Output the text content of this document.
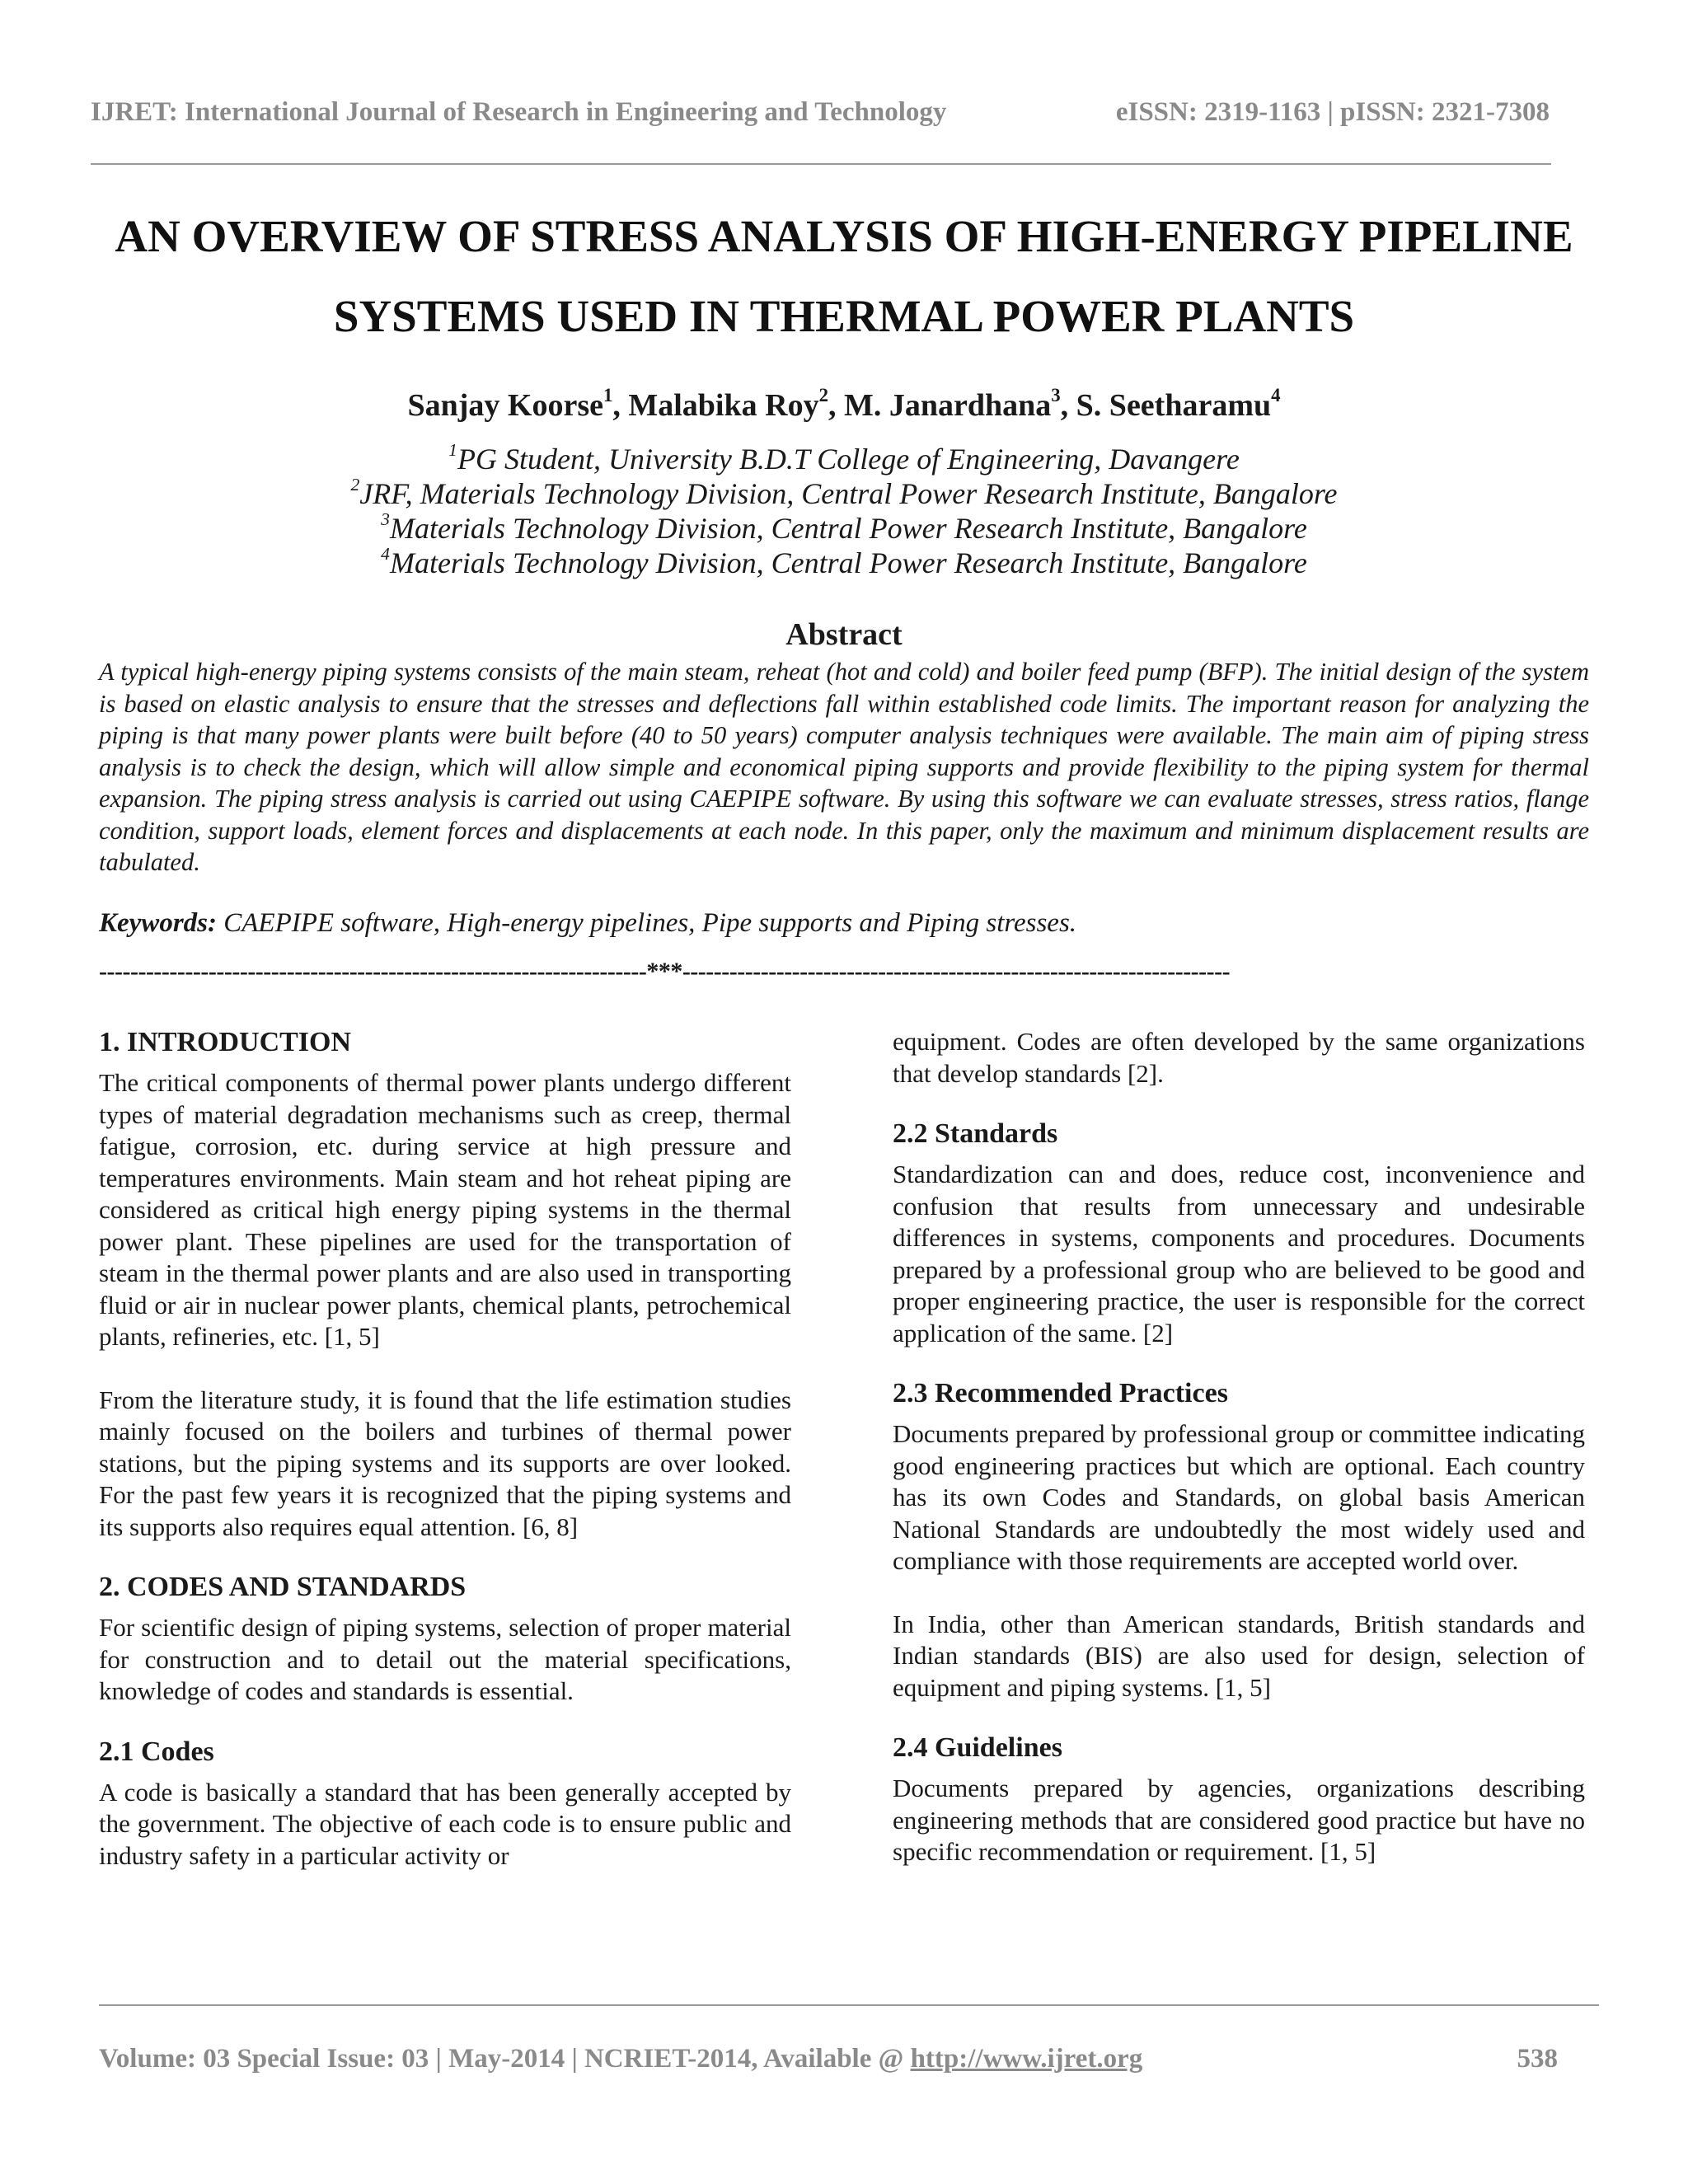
IJRET: International Journal of Research in Engineering and Technology	eISSN: 2319-1163 | pISSN: 2321-7308
AN OVERVIEW OF STRESS ANALYSIS OF HIGH-ENERGY PIPELINE
SYSTEMS USED IN THERMAL POWER PLANTS
Sanjay Koorse$^1$, Malabika Roy$^2$, M. Janardhana$^3$, S. Seetharamu$^4$
$^1$PG Student, University B.D.T College of Engineering, Davangere
$^2$JRF, Materials Technology Division, Central Power Research Institute, Bangalore
$^3$Materials Technology Division, Central Power Research Institute, Bangalore
$^4$Materials Technology Division, Central Power Research Institute, Bangalore
Abstract
A typical high-energy piping systems consists of the main steam, reheat (hot and cold) and boiler feed pump (BFP). The initial design of the system is based on elastic analysis to ensure that the stresses and deflections fall within established code limits. The important reason for analyzing the piping is that many power plants were built before (40 to 50 years) computer analysis techniques were available. The main aim of piping stress analysis is to check the design, which will allow simple and economical piping supports and provide flexibility to the piping system for thermal expansion. The piping stress analysis is carried out using CAEPIPE software. By using this software we can evaluate stresses, stress ratios, flange condition, support loads, element forces and displacements at each node. In this paper, only the maximum and minimum displacement results are tabulated.
Keywords: CAEPIPE software, High-energy pipelines, Pipe supports and Piping stresses.
----------------------------------------------------------------------***----------------------------------------------------------------------
1. INTRODUCTION

The critical components of thermal power plants undergo different types of material degradation mechanisms such as creep, thermal fatigue, corrosion, etc. during service at high pressure and temperatures environments. Main steam and hot reheat piping are considered as critical high energy piping systems in the thermal power plant. These pipelines are used for the transportation of steam in the thermal power plants and are also used in transporting fluid or air in nuclear power plants, chemical plants, petrochemical plants, refineries, etc. [1, 5]

From the literature study, it is found that the life estimation studies mainly focused on the boilers and turbines of thermal power stations, but the piping systems and its supports are over looked. For the past few years it is recognized that the piping systems and its supports also requires equal attention. [6, 8]

2. CODES AND STANDARDS

For scientific design of piping systems, selection of proper material for construction and to detail out the material specifications, knowledge of codes and standards is essential.

2.1 Codes

A code is basically a standard that has been generally accepted by the government. The objective of each code is to ensure public and industry safety in a particular activity or

equipment. Codes are often developed by the same organizations that develop standards [2].

2.2 Standards

Standardization can and does, reduce cost, inconvenience and confusion that results from unnecessary and undesirable differences in systems, components and procedures. Documents prepared by a professional group who are believed to be good and proper engineering practice, the user is responsible for the correct application of the same. [2]

2.3 Recommended Practices

Documents prepared by professional group or committee indicating good engineering practices but which are optional. Each country has its own Codes and Standards, on global basis American National Standards are undoubtedly the most widely used and compliance with those requirements are accepted world over.

In India, other than American standards, British standards and Indian standards (BIS) are also used for design, selection of equipment and piping systems. [1, 5]

2.4 Guidelines

Documents prepared by agencies, organizations describing engineering methods that are considered good practice but have no specific recommendation or requirement. [1, 5]

Volume: 03 Special Issue: 03 | May-2014 | NCRIET-2014, Available @ http://www.ijret.org	538
